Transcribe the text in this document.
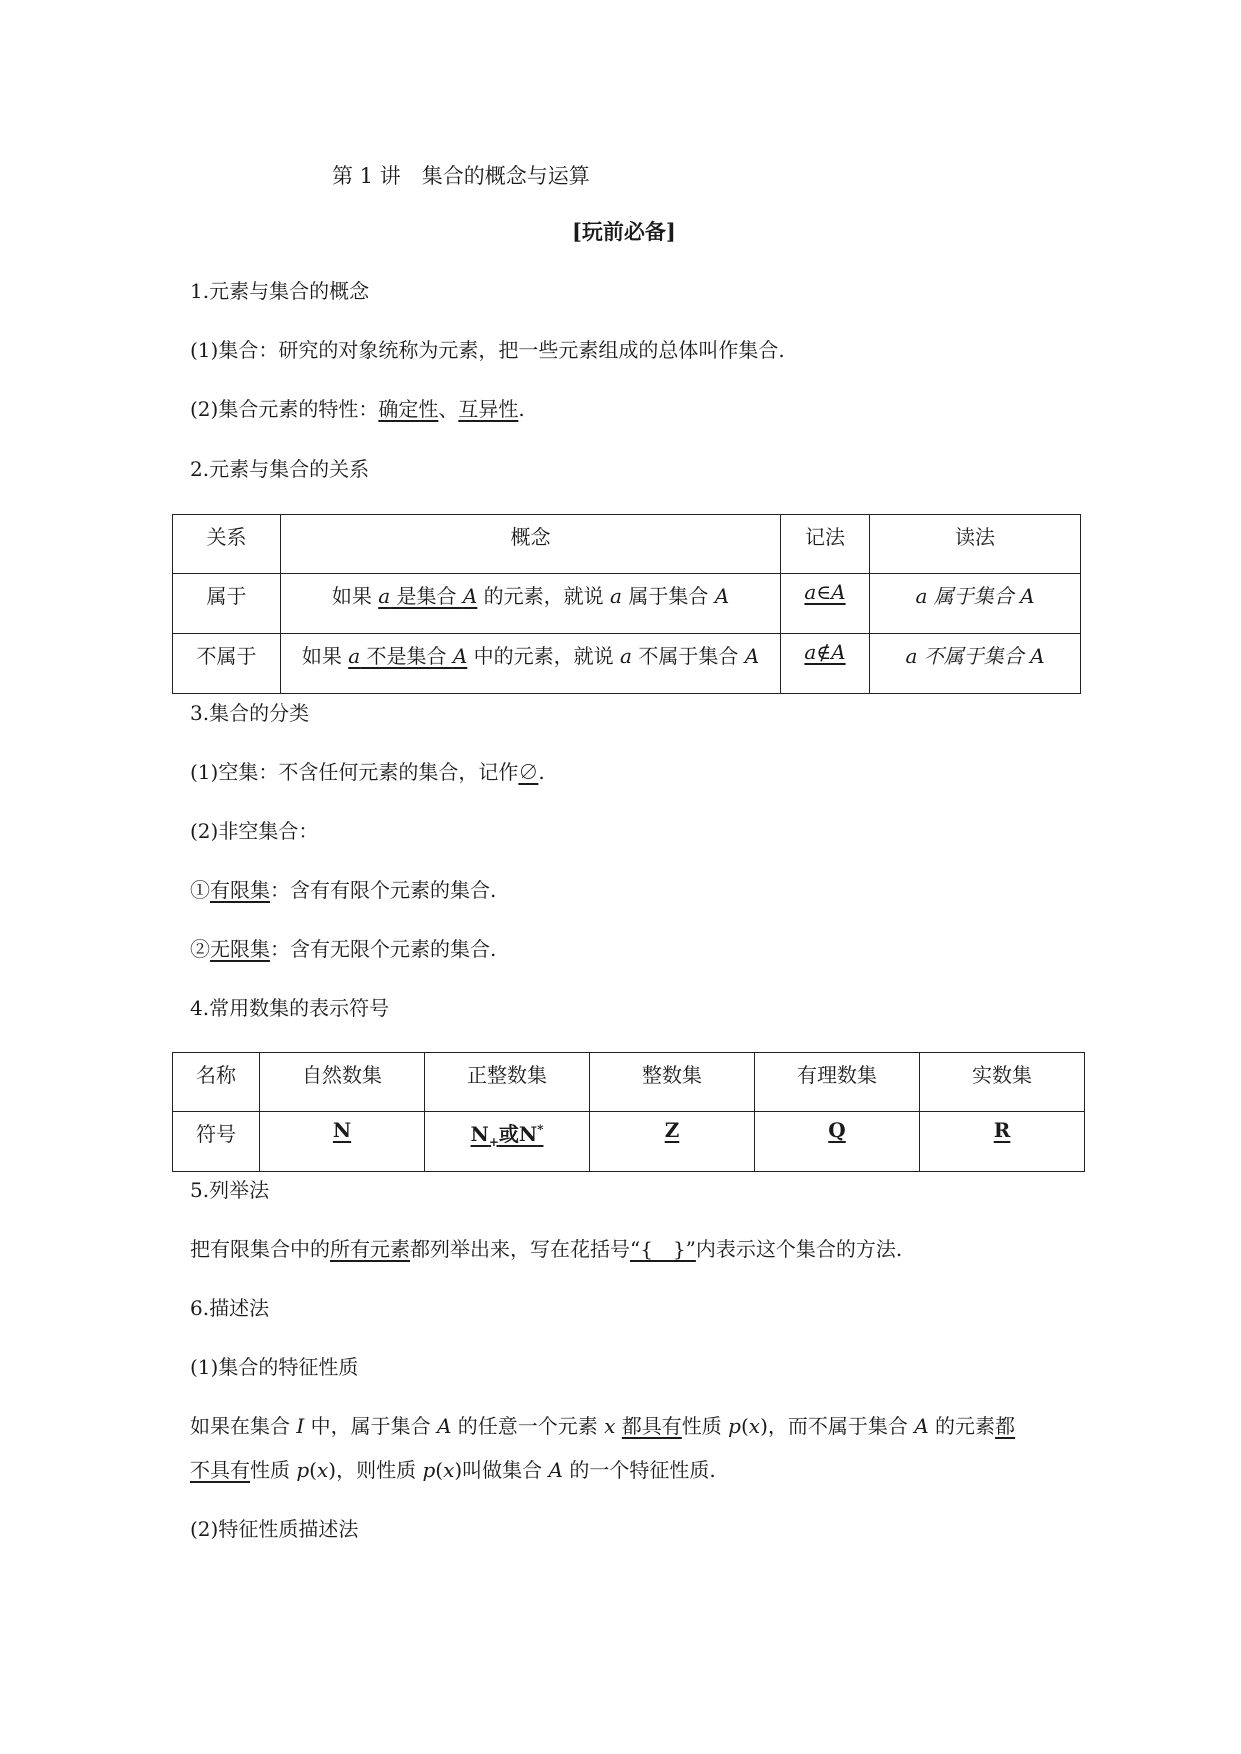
第 1 讲　集合的概念与运算
[玩前必备]
1.元素与集合的概念
(1)集合：研究的对象统称为元素，把一些元素组成的总体叫作集合.
(2)集合元素的特性：确定性、互异性.
2.元素与集合的关系
关系	概念	记法	读法
属于	如果 a 是集合 A 的元素，就说 a 属于集合 A	a∈A	a 属于集合 A
不属于	如果 a 不是集合 A 中的元素，就说 a 不属于集合 A	a∉A	a 不属于集合 A
3.集合的分类
(1)空集：不含任何元素的集合，记作∅.
(2)非空集合：
①有限集：含有有限个元素的集合.
②无限集：含有无限个元素的集合.
4.常用数集的表示符号
名称	自然数集	正整数集	整数集	有理数集	实数集
符号	N	$N_+$或N*	Z	Q	R
5.列举法
把有限集合中的所有元素都列举出来，写在花括号“{　}”内表示这个集合的方法.
6.描述法
(1)集合的特征性质
如果在集合 I 中，属于集合 A 的任意一个元素 x 都具有性质 p(x)，而不属于集合 A 的元素都
不具有性质 p(x)，则性质 p(x)叫做集合 A 的一个特征性质.
(2)特征性质描述法
